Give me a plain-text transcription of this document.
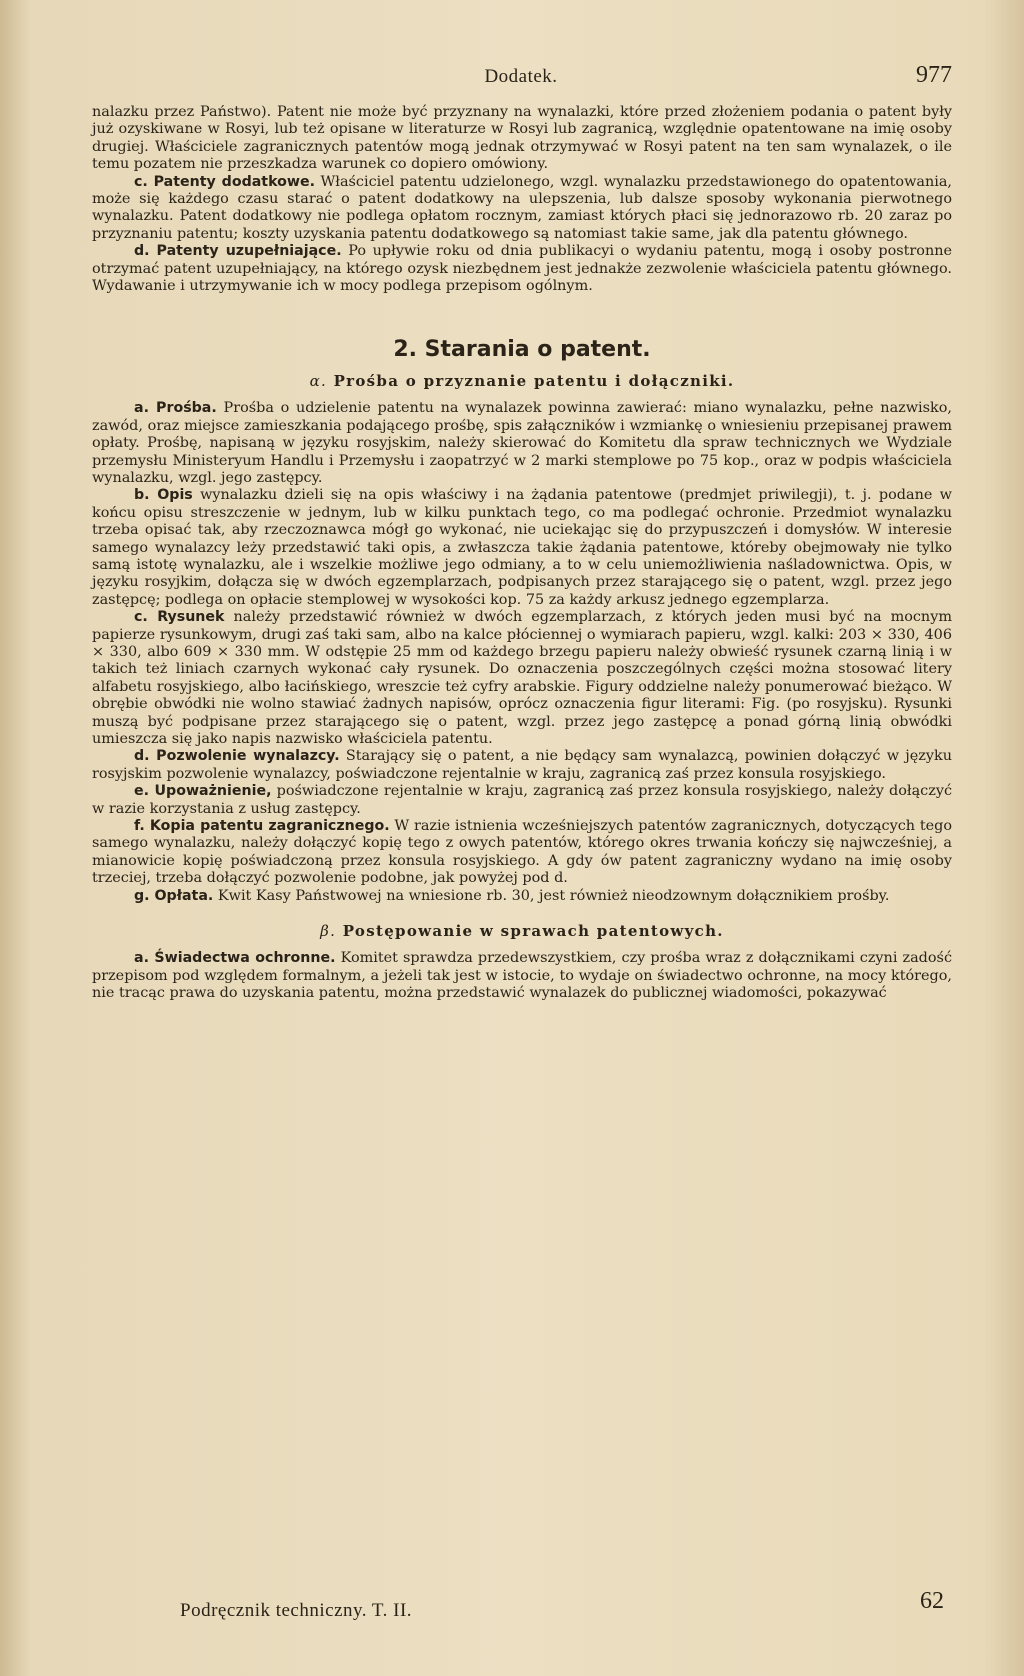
Dodatek.	977

nalazku przez Państwo). Patent nie może być przyznany na wynalazki, które przed złożeniem podania o patent były już ozyskiwane w Rosyi, lub też opisane w literaturze w Rosyi lub zagranicą, względnie opatentowane na imię osoby drugiej. Właściciele zagranicznych patentów mogą jednak otrzymywać w Rosyi patent na ten sam wynalazek, o ile temu pozatem nie przeszkadza warunek co dopiero omówiony.

c. Patenty dodatkowe. Właściciel patentu udzielonego, wzgl. wynalazku przedstawionego do opatentowania, może się każdego czasu starać o patent dodatkowy na ulepszenia, lub dalsze sposoby wykonania pierwotnego wynalazku. Patent dodatkowy nie podlega opłatom rocznym, zamiast których płaci się jednorazowo rb. 20 zaraz po przyznaniu patentu; koszty uzyskania patentu dodatkowego są natomiast takie same, jak dla patentu głównego.

d. Patenty uzupełniające. Po upływie roku od dnia publikacyi o wydaniu patentu, mogą i osoby postronne otrzymać patent uzupełniający, na którego ozysk niezbędnem jest jednakże zezwolenie właściciela patentu głównego. Wydawanie i utrzymywanie ich w mocy podlega przepisom ogólnym.

2. Starania o patent.
α. Prośba o przyznanie patentu i dołączniki.

a. Prośba. Prośba o udzielenie patentu na wynalazek powinna zawierać: miano wynalazku, pełne nazwisko, zawód, oraz miejsce zamieszkania podającego prośbę, spis załączników i wzmiankę o wniesieniu przepisanej prawem opłaty. Prośbę, napisaną w języku rosyjskim, należy skierować do Komitetu dla spraw technicznych we Wydziale przemysłu Ministeryum Handlu i Przemysłu i zaopatrzyć w 2 marki stemplowe po 75 kop., oraz w podpis właściciela wynalazku, wzgl. jego zastępcy.

b. Opis wynalazku dzieli się na opis właściwy i na żądania patentowe (predmjet priwilegji), t. j. podane w końcu opisu streszczenie w jednym, lub w kilku punktach tego, co ma podlegać ochronie. Przedmiot wynalazku trzeba opisać tak, aby rzeczoznawca mógł go wykonać, nie uciekając się do przypuszczeń i domysłów. W interesie samego wynalazcy leży przedstawić taki opis, a zwłaszcza takie żądania patentowe, któreby obejmowały nie tylko samą istotę wynalazku, ale i wszelkie możliwe jego odmiany, a to w celu uniemożliwienia naśladownictwa. Opis, w języku rosyjkim, dołącza się w dwóch egzemplarzach, podpisanych przez starającego się o patent, wzgl. przez jego zastępcę; podlega on opłacie stemplowej w wysokości kop. 75 za każdy arkusz jednego egzemplarza.

c. Rysunek należy przedstawić również w dwóch egzemplarzach, z których jeden musi być na mocnym papierze rysunkowym, drugi zaś taki sam, albo na kalce płóciennej o wymiarach papieru, wzgl. kalki: 203 × 330, 406 × 330, albo 609 × 330 mm. W odstępie 25 mm od każdego brzegu papieru należy obwieść rysunek czarną linią i w takich też liniach czarnych wykonać cały rysunek. Do oznaczenia poszczególnych części można stosować litery alfabetu rosyjskiego, albo łacińskiego, wreszcie też cyfry arabskie. Figury oddzielne należy ponumerować bieżąco. W obrębie obwódki nie wolno stawiać żadnych napisów, oprócz oznaczenia figur literami: Fig. (po rosyjsku). Rysunki muszą być podpisane przez starającego się o patent, wzgl. przez jego zastępcę a ponad górną linią obwódki umieszcza się jako napis nazwisko właściciela patentu.

d. Pozwolenie wynalazcy. Starający się o patent, a nie będący sam wynalazcą, powinien dołączyć w języku rosyjskim pozwolenie wynalazcy, poświadczone rejentalnie w kraju, zagranicą zaś przez konsula rosyjskiego.

e. Upoważnienie, poświadczone rejentalnie w kraju, zagranicą zaś przez konsula rosyjskiego, należy dołączyć w razie korzystania z usług zastępcy.

f. Kopia patentu zagranicznego. W razie istnienia wcześniejszych patentów zagranicznych, dotyczących tego samego wynalazku, należy dołączyć kopię tego z owych patentów, którego okres trwania kończy się najwcześniej, a mianowicie kopię poświadczoną przez konsula rosyjskiego. A gdy ów patent zagraniczny wydano na imię osoby trzeciej, trzeba dołączyć pozwolenie podobne, jak powyżej pod d.

g. Opłata. Kwit Kasy Państwowej na wniesione rb. 30, jest również nieodzownym dołącznikiem prośby.

β. Postępowanie w sprawach patentowych.

a. Świadectwa ochronne. Komitet sprawdza przedewszystkiem, czy prośba wraz z dołącznikami czyni zadość przepisom pod względem formalnym, a jeżeli tak jest w istocie, to wydaje on świadectwo ochronne, na mocy którego, nie tracąc prawa do uzyskania patentu, można przedstawić wynalazek do publicznej wiadomości, pokazywać

Podręcznik techniczny. T. II.	62
